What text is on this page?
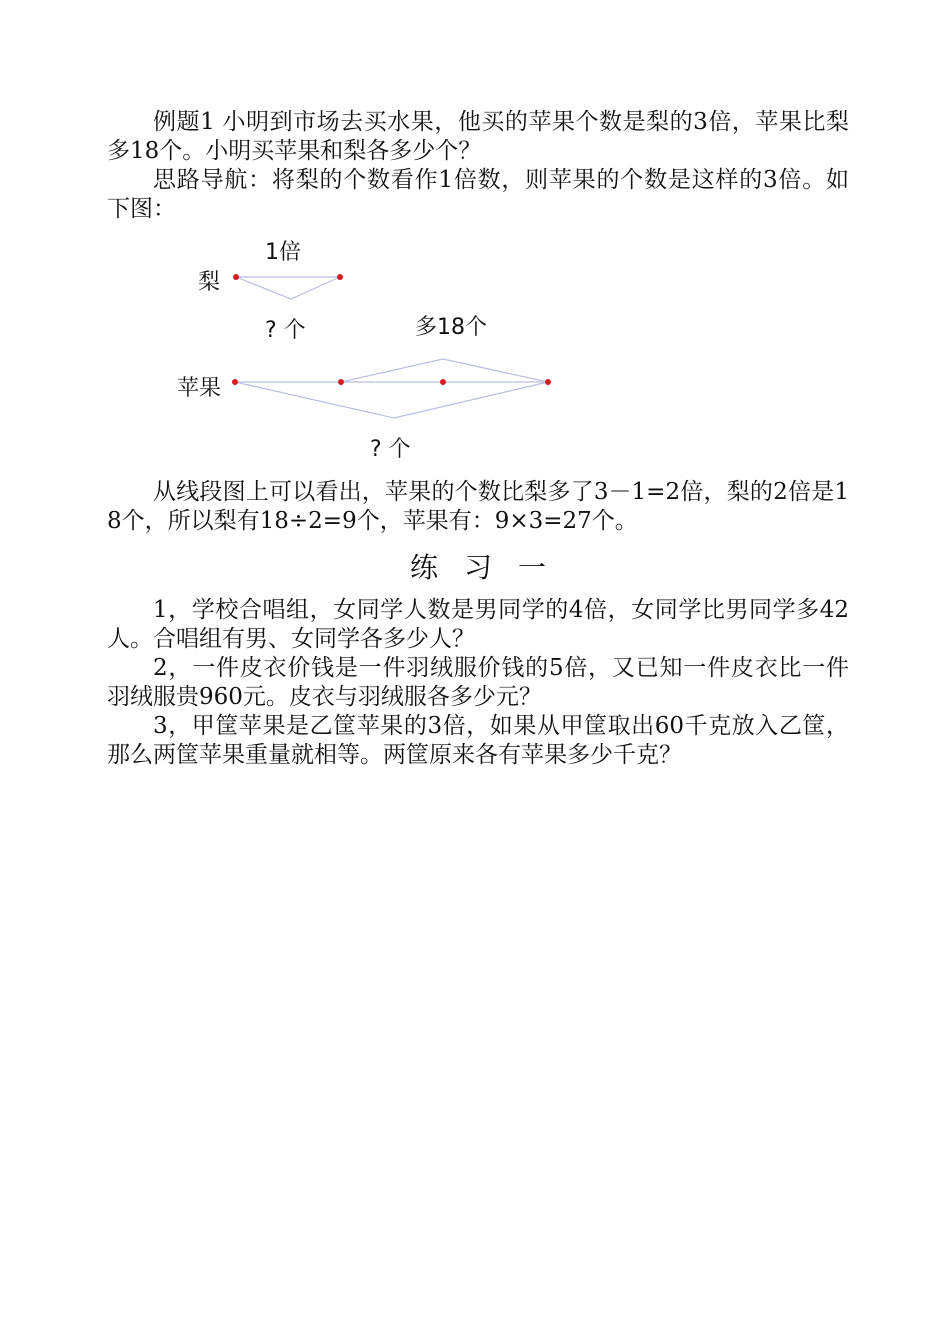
例题1 小明到市场去买水果，他买的苹果个数是梨的3倍，苹果比梨多18个。小明买苹果和梨各多少个？

思路导航：将梨的个数看作1倍数，则苹果的个数是这样的3倍。如下图：

1倍
梨
? 个	多18个
苹果
? 个

从线段图上可以看出，苹果的个数比梨多了3－1=2倍，梨的2倍是18个，所以梨有18÷2=9个，苹果有：9×3=27个。

练习一

1，学校合唱组，女同学人数是男同学的4倍，女同学比男同学多42人。合唱组有男、女同学各多少人？

2，一件皮衣价钱是一件羽绒服价钱的5倍，又已知一件皮衣比一件羽绒服贵960元。皮衣与羽绒服各多少元？

3，甲筐苹果是乙筐苹果的3倍，如果从甲筐取出60千克放入乙筐，那么两筐苹果重量就相等。两筐原来各有苹果多少千克？
